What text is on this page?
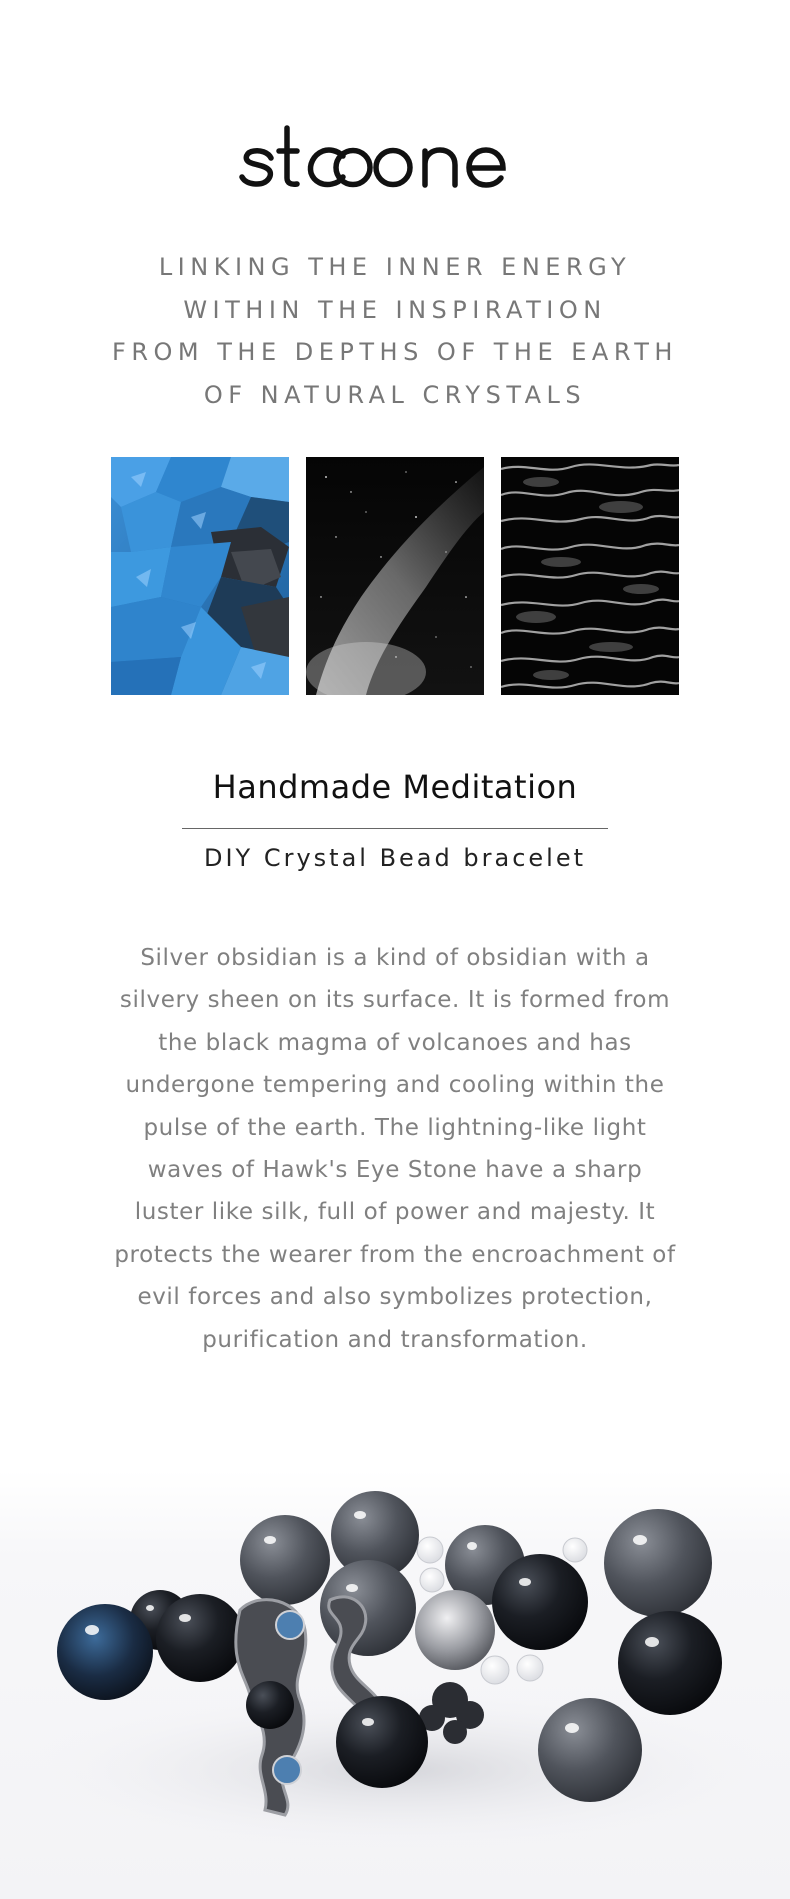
LINKING THE INNER ENERGY
WITHIN THE INSPIRATION
FROM THE DEPTHS OF THE EARTH
OF NATURAL CRYSTALS
Handmade Meditation
DIY Crystal Bead bracelet
Silver obsidian is a kind of obsidian with a
silvery sheen on its surface. It is formed from
the black magma of volcanoes and has
undergone tempering and cooling within the
pulse of the earth. The lightning-like light
waves of Hawk's Eye Stone have a sharp
luster like silk, full of power and majesty. It
protects the wearer from the encroachment of
evil forces and also symbolizes protection,
purification and transformation.
